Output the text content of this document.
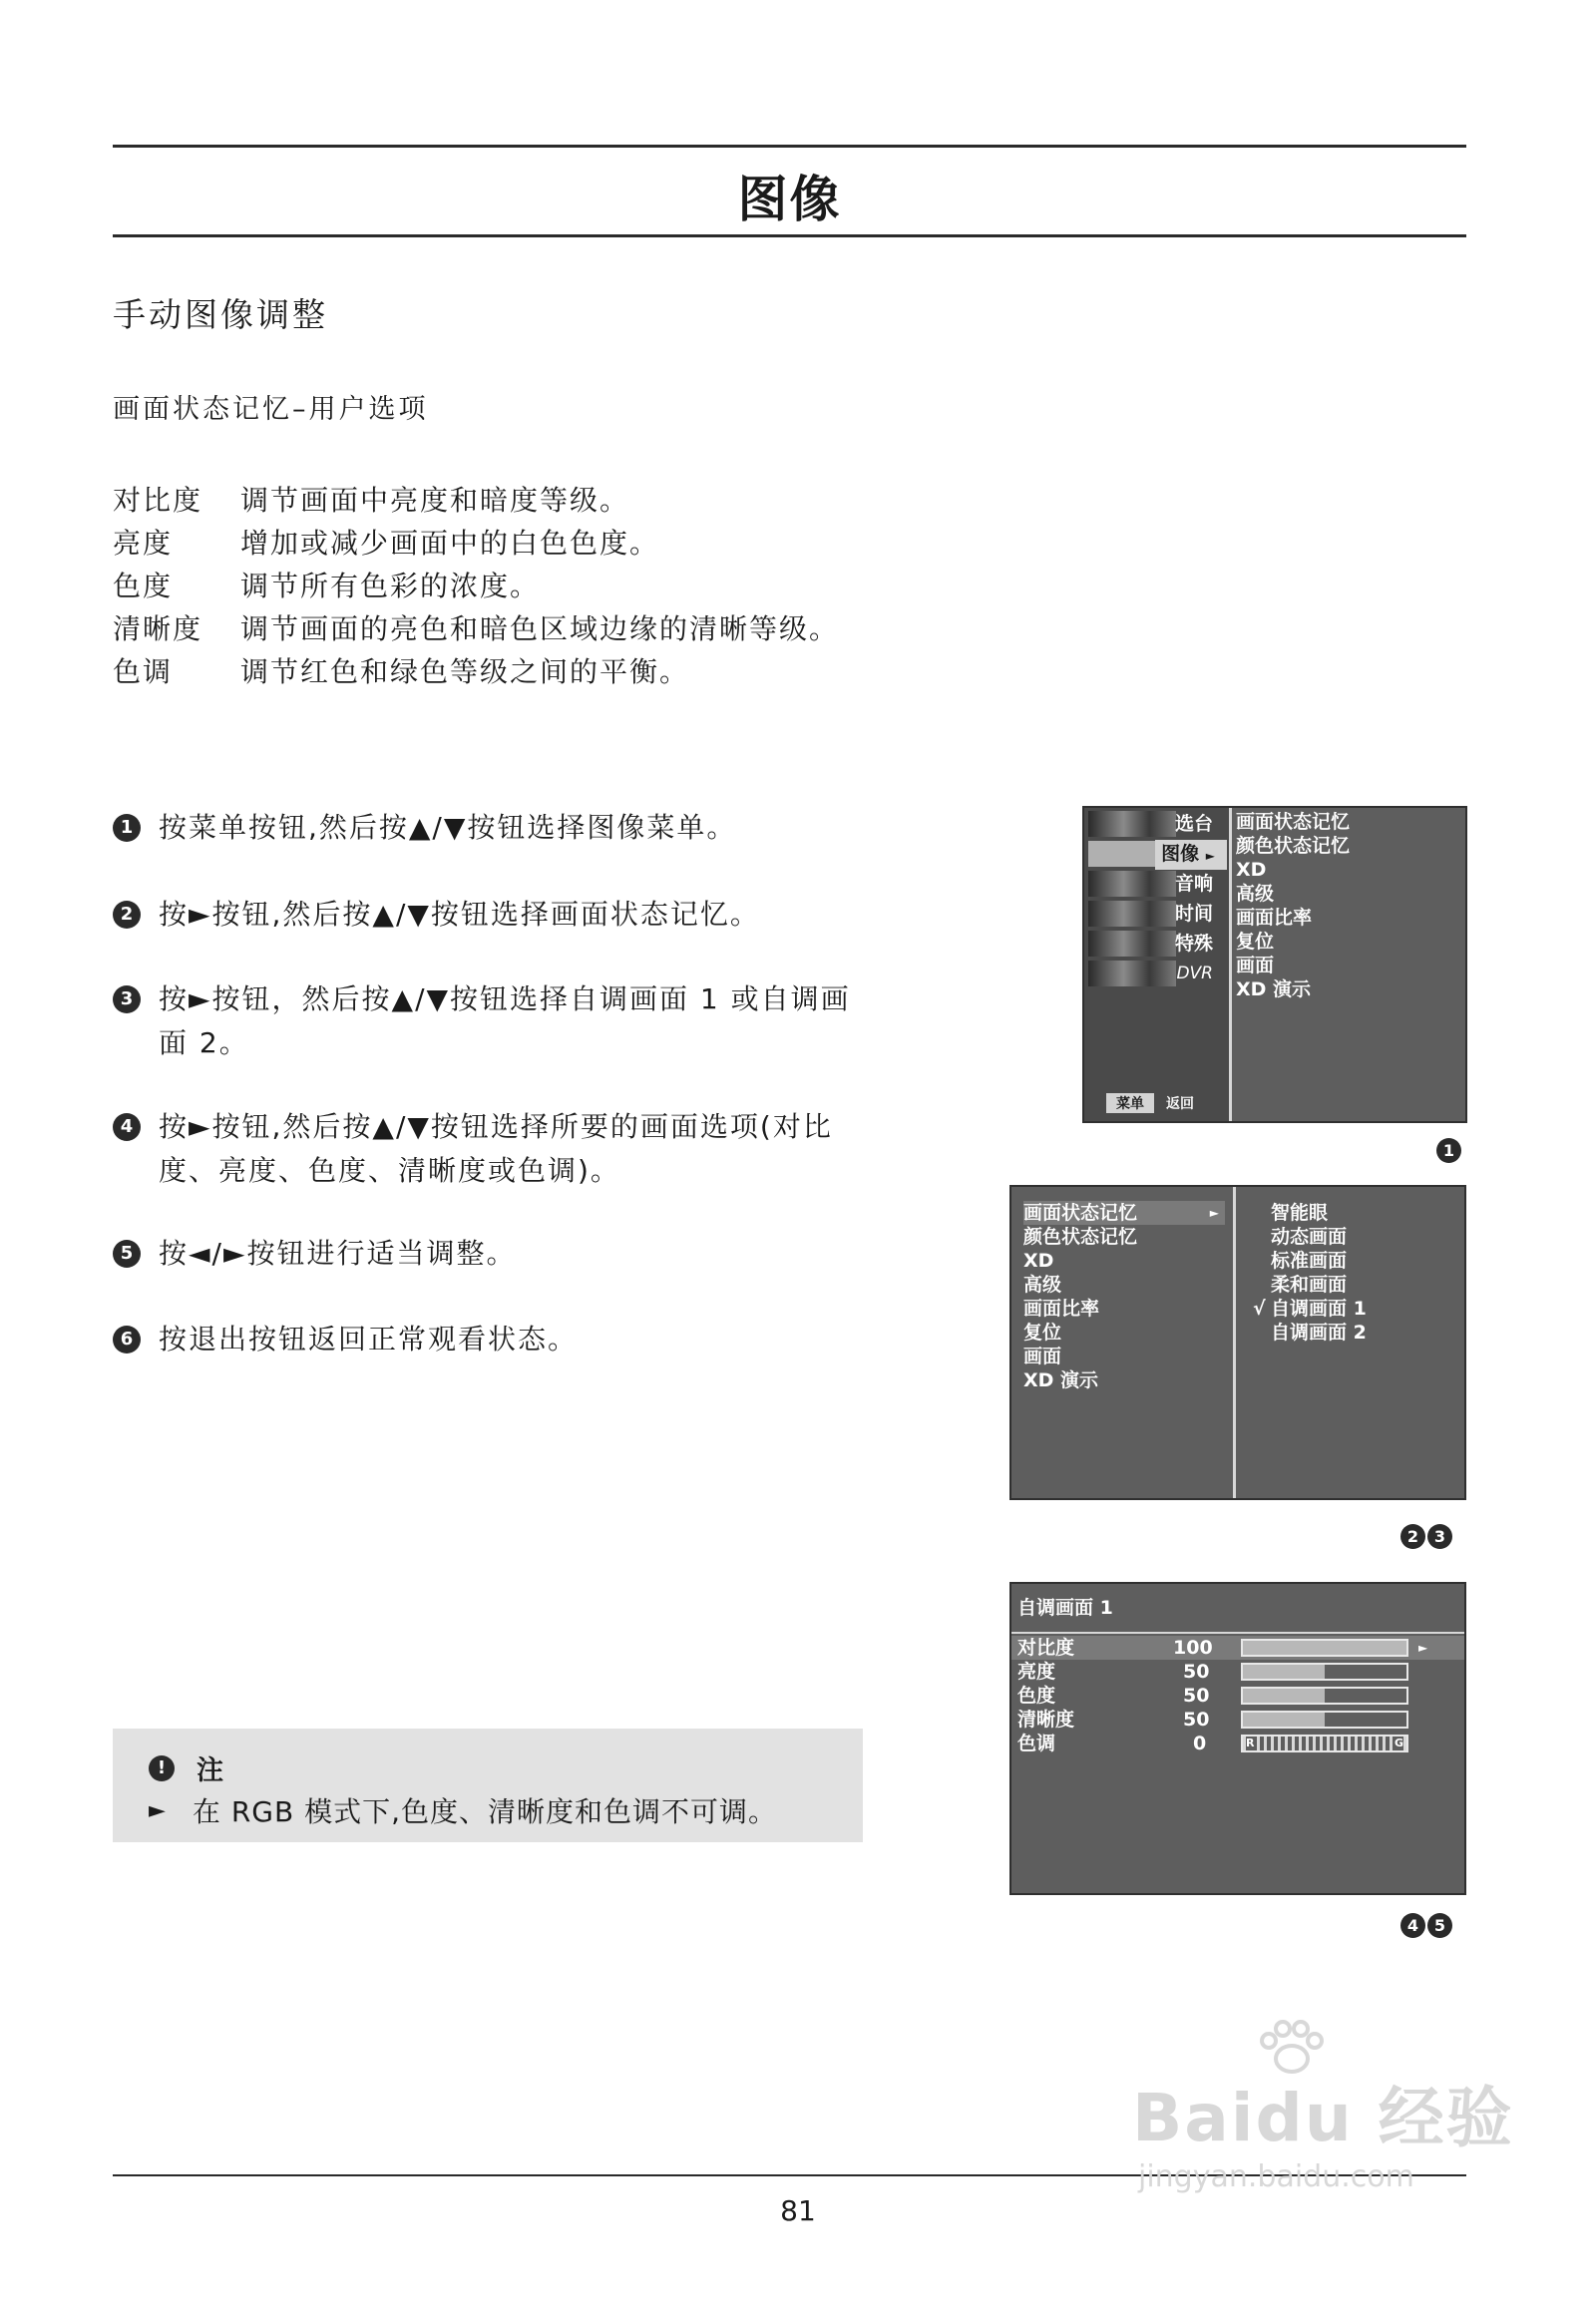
图像
手动图像调整
画面状态记忆–用户选项
对比度	调节画面中亮度和暗度等级。
亮度	增加或减少画面中的白色色度。
色度	调节所有色彩的浓度。
清晰度	调节画面的亮色和暗色区域边缘的清晰等级。
色调	调节红色和绿色等级之间的平衡。
1 按菜单按钮,然后按▲/▼按钮选择图像菜单。
2 按►按钮,然后按▲/▼按钮选择画面状态记忆。
3 按►按钮，然后按▲/▼按钮选择自调画面 1 或自调画
面 2。
4 按►按钮,然后按▲/▼按钮选择所要的画面选项(对比
度、亮度、色度、清晰度或色调)。
5 按◄/►按钮进行适当调整。
6 按退出按钮返回正常观看状态。
!	注
► 在 RGB 模式下,色度、清晰度和色调不可调。
选台
图像 ►
音响
时间
特殊
DVR
菜单	返回
画面状态记忆
颜色状态记忆
XD
高级
画面比率
复位
画面
XD 演示
1
画面状态记忆	►
颜色状态记忆
XD
高级
画面比率
复位
画面
XD 演示
智能眼
动态画面
标准画面
柔和画面
√ 自调画面 1
自调画面 2
2 3
自调画面 1
对比度	100	►
亮度	50
色度	50
清晰度	50
色调	0	R	G
4 5
81
Baidu 经验
jingyan.baidu.com
